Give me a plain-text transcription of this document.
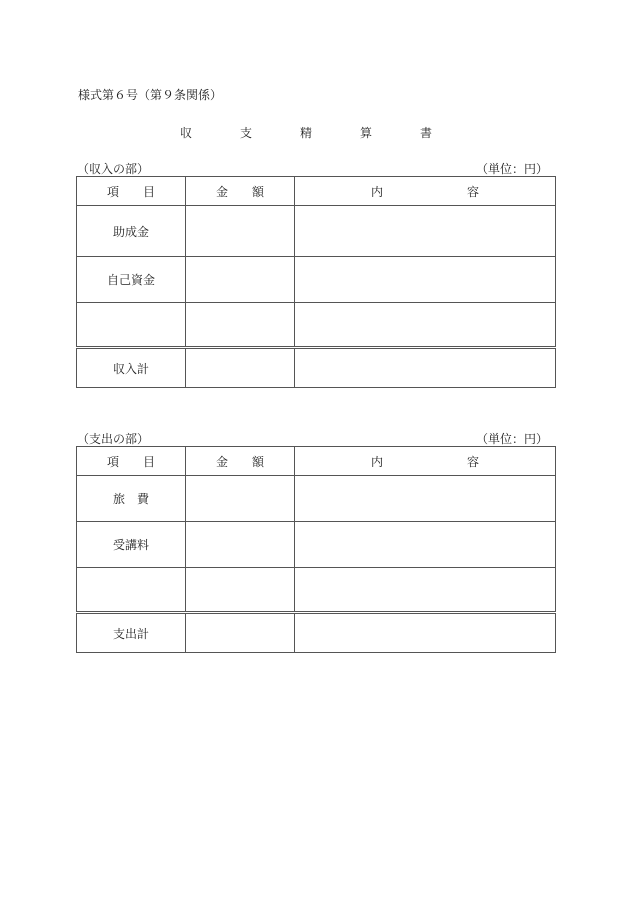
様式第６号（第９条関係）
収　支　精　算　書
（収入の部）	（単位：円）
項　　目	金　　額	内 容

助成金		
自己資金		

収入計		
（支出の部）	（単位：円）
項　　目	金　　額	内 容

旅　費		
受講料		

支出計		
